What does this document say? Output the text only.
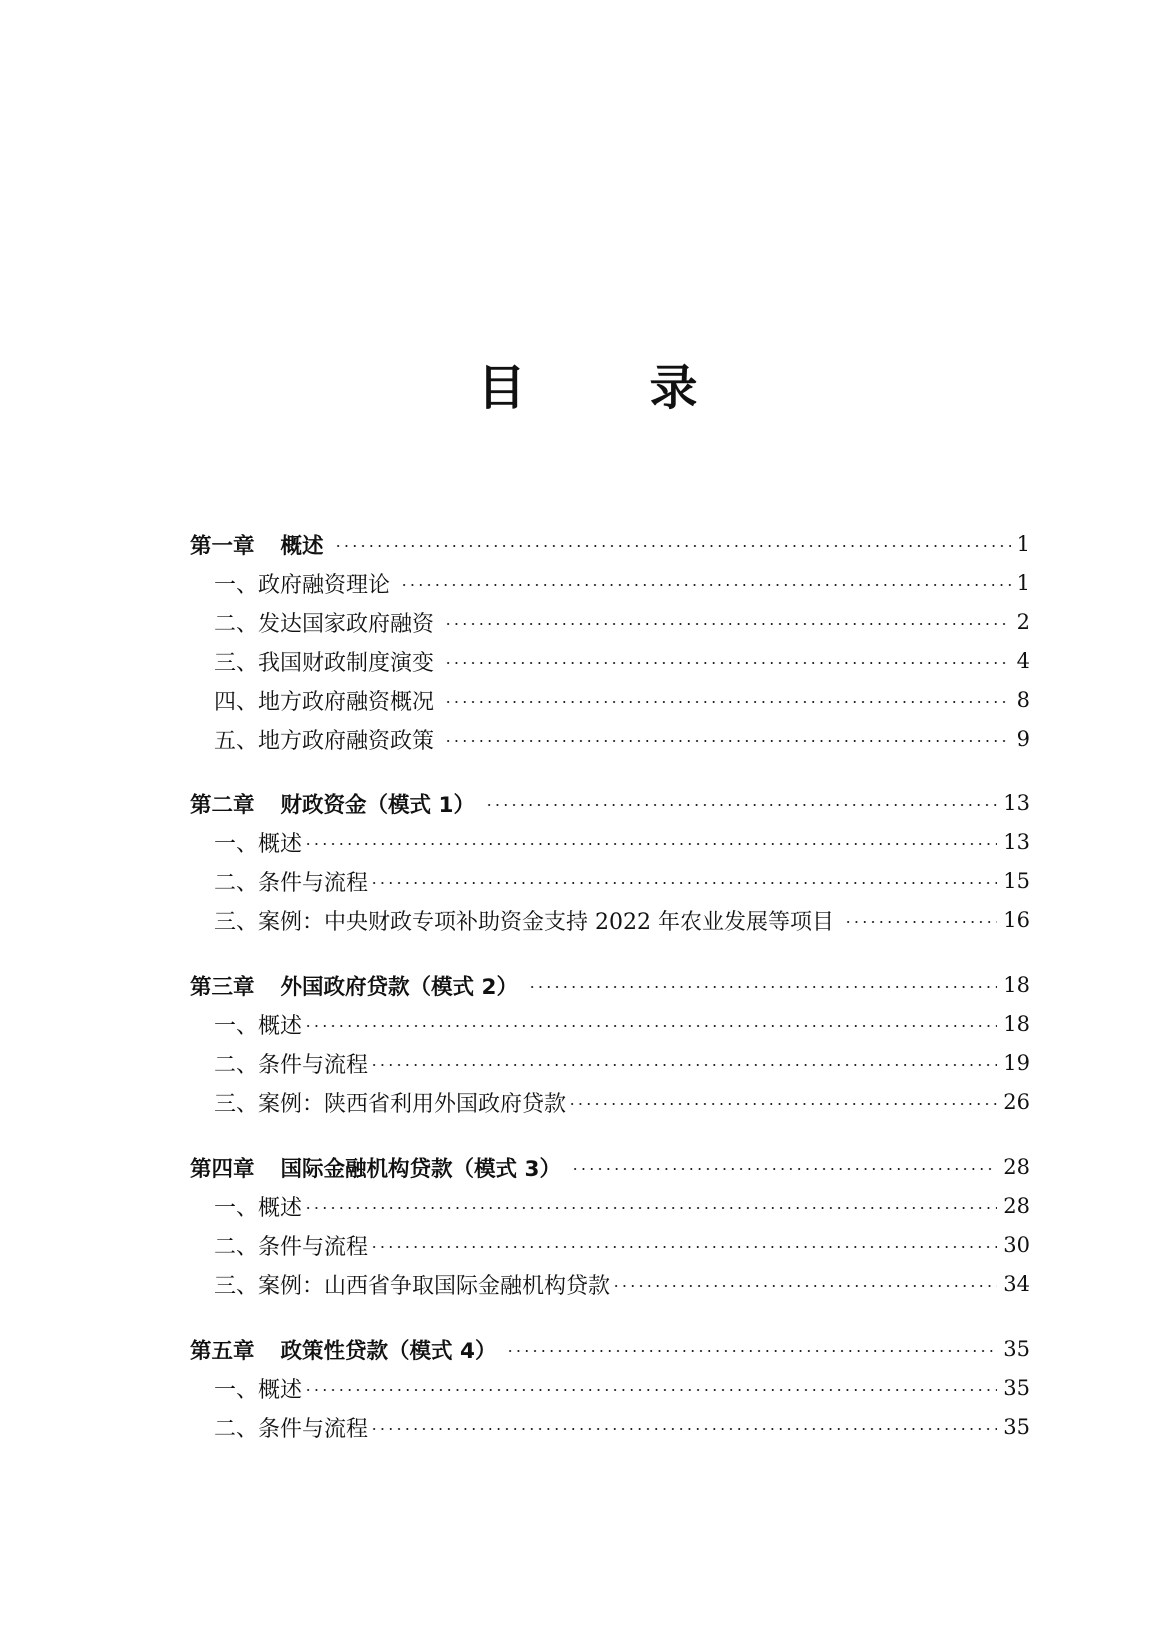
目	录
第一章 概述	1
一、政府融资理论	1
二、发达国家政府融资	2
三、我国财政制度演变	4
四、地方政府融资概况	8
五、地方政府融资政策	9
第二章 财政资金（模式 1）	13
一、概述	13
二、条件与流程	15
三、案例：中央财政专项补助资金支持 2022 年农业发展等项目	16
第三章 外国政府贷款（模式 2）	18
一、概述	18
二、条件与流程	19
三、案例：陕西省利用外国政府贷款	26
第四章 国际金融机构贷款（模式 3）	28
一、概述	28
二、条件与流程	30
三、案例：山西省争取国际金融机构贷款	34
第五章 政策性贷款（模式 4）	35
一、概述	35
二、条件与流程	35
